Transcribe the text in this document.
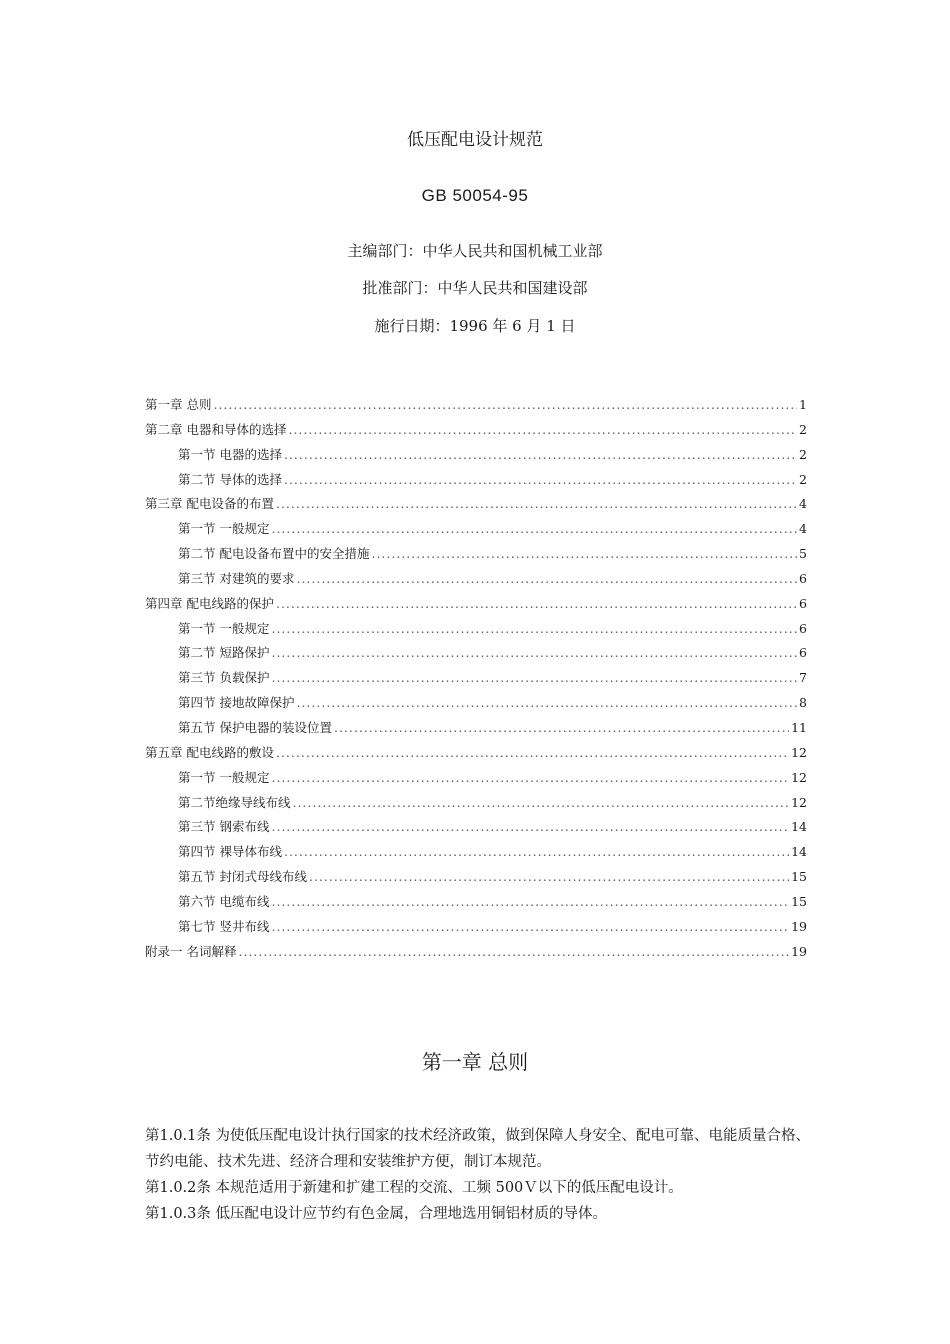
低压配电设计规范
GB 50054-95
主编部门：中华人民共和国机械工业部
批准部门：中华人民共和国建设部
施行日期：1996 年 6 月 1 日
第一章 总则 .....	1
第二章 电器和导体的选择 .....	2
第一节 电器的选择 .....	2
第二节 导体的选择 .....	2
第三章 配电设备的布置 .....	4
第一节 一般规定 .....	4
第二节 配电设备布置中的安全措施 .....	5
第三节 对建筑的要求 .....	6
第四章 配电线路的保护 .....	6
第一节 一般规定 .....	6
第二节 短路保护 .....	6
第三节 负载保护 .....	7
第四节 接地故障保护 .....	8
第五节 保护电器的装设位置 .....	11
第五章 配电线路的敷设 .....	12
第一节 一般规定 .....	12
第二节绝缘导线布线 .....	12
第三节 钢索布线 .....	14
第四节 裸导体布线 .....	14
第五节 封闭式母线布线 .....	15
第六节 电缆布线 .....	15
第七节 竖井布线 .....	19
附录一 名词解释 .....	19
第一章 总则

第1.0.1条 为使低压配电设计执行国家的技术经济政策，做到保障人身安全、配电可靠、电能质量合格、节约电能、技术先进、经济合理和安装维护方便，制订本规范。

第1.0.2条 本规范适用于新建和扩建工程的交流、工频 500Ｖ以下的低压配电设计。

第1.0.3条 低压配电设计应节约有色金属，合理地选用铜铝材质的导体。
